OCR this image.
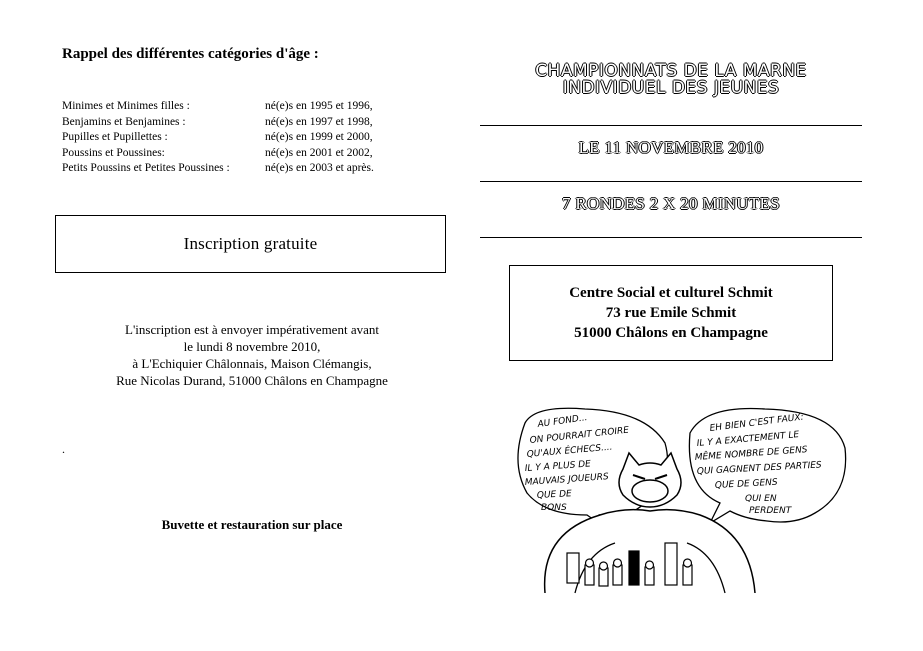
Rappel des différentes catégories d'âge :
Minimes et Minimes filles :	né(e)s en 1995 et 1996,
Benjamins et Benjamines :	né(e)s en 1997 et 1998,
Pupilles et Pupillettes :	né(e)s en 1999 et 2000,
Poussins et Poussines:	né(e)s en 2001 et 2002,
Petits Poussins et Petites Poussines :	né(e)s en 2003 et après.
Inscription gratuite
L'inscription est à envoyer impérativement avant
le lundi 8 novembre 2010,
à L'Echiquier Châlonnais, Maison Clémangis,
Rue Nicolas Durand, 51000 Châlons en Champagne
.
Buvette et restauration sur place
CHAMPIONNATS DE LA MARNE
INDIVIDUEL DES JEUNES
LE 11 NOVEMBRE 2010
7 RONDES 2 X 20 MINUTES
Centre Social et culturel Schmit
73 rue Emile Schmit
51000 Châlons en Champagne
AU FOND...
ON POURRAIT CROIRE
QU'AUX ÉCHECS....
IL Y A PLUS DE
MAUVAIS JOUEURS
QUE DE
BONS
EH BIEN C'EST FAUX:
IL Y A EXACTEMENT LE
MÊME NOMBRE DE GENS
QUI GAGNENT DES PARTIES
QUE DE GENS
QUI EN
PERDENT
